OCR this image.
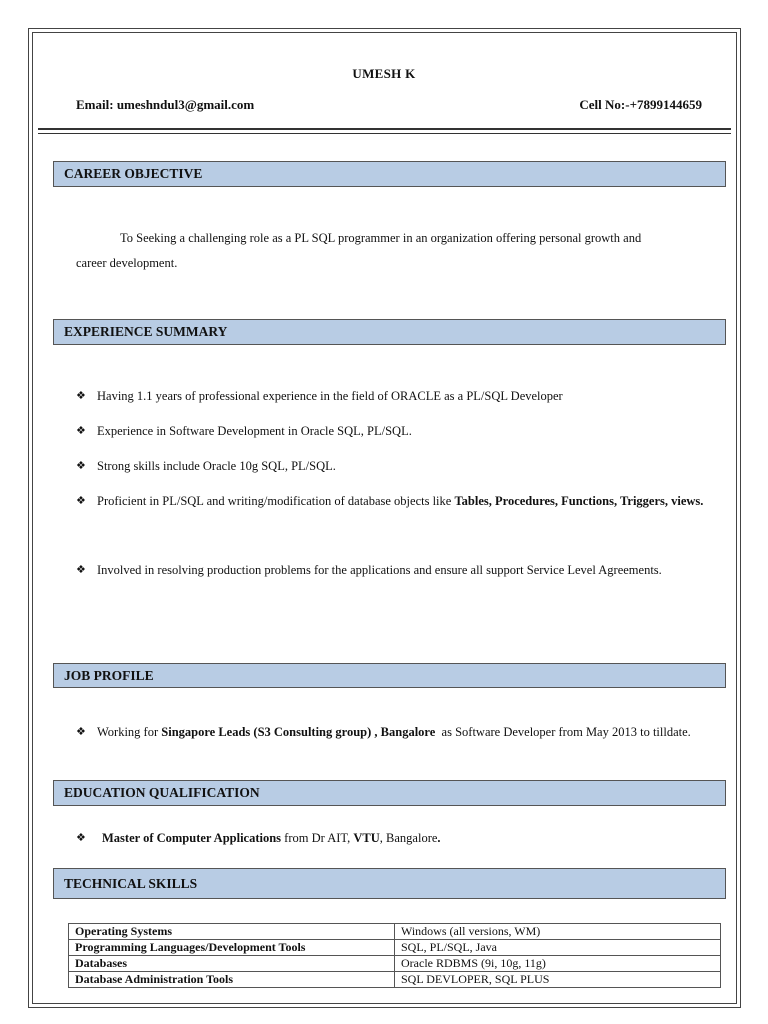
UMESH K
Email: umeshndul3@gmail.com	Cell No:-+7899144659
CAREER OBJECTIVE
To Seeking a challenging role as a PL SQL programmer in an organization offering personal growth and
career development.
EXPERIENCE SUMMARY
❖ Having 1.1 years of professional experience in the field of ORACLE as a PL/SQL Developer
❖ Experience in Software Development in Oracle SQL, PL/SQL.
❖ Strong skills include Oracle 10g SQL, PL/SQL.
❖ Proficient in PL/SQL and writing/modification of database objects like Tables, Procedures, Functions, Triggers, views.
❖ Involved in resolving production problems for the applications and ensure all support Service Level Agreements.
JOB PROFILE
❖ Working for Singapore Leads (S3 Consulting group) , Bangalore as Software Developer from May 2013 to tilldate.
EDUCATION QUALIFICATION
❖	Master of Computer Applications from Dr AIT, VTU, Bangalore.
TECHNICAL SKILLS
Operating Systems	Windows (all versions, WM)
Programming Languages/Development Tools	SQL, PL/SQL, Java
Databases	Oracle RDBMS (9i, 10g, 11g)
Database Administration Tools	SQL DEVLOPER, SQL PLUS
